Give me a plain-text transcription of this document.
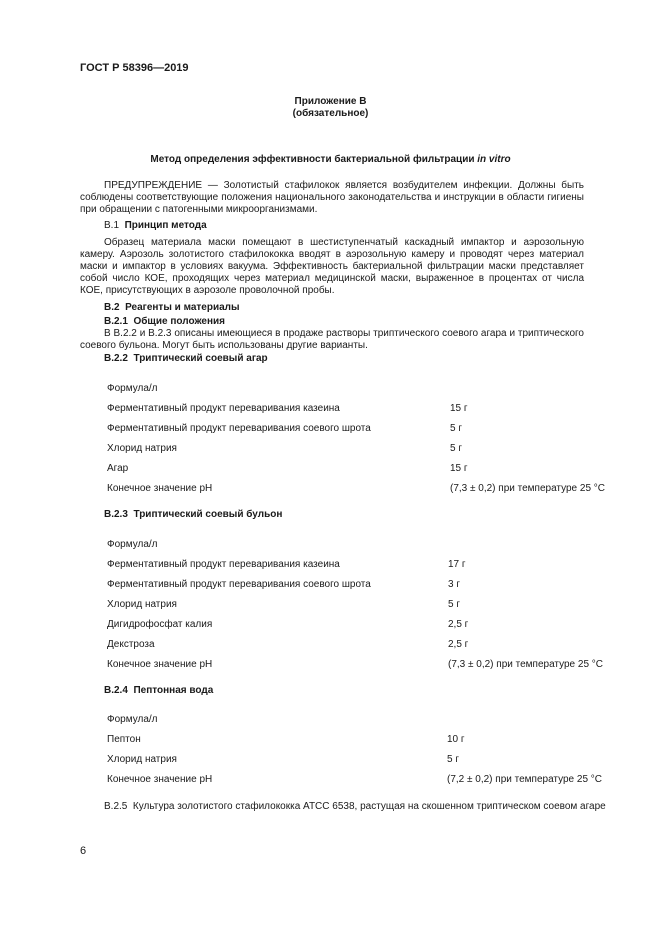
ГОСТ Р 58396—2019
Приложение В
(обязательное)
Метод определения эффективности бактериальной фильтрации in vitro
ПРЕДУПРЕЖДЕНИЕ — Золотистый стафилокок является возбудителем инфекции. Должны быть соблюдены соответствующие положения национального законодательства и инструкции в области гигиены при обращении с патогенными микроорганизмами.
В.1 Принцип метода
Образец материала маски помещают в шестиступенчатый каскадный импактор и аэрозольную камеру. Аэрозоль золотистого стафилококка вводят в аэрозольную камеру и проводят через материал маски и импактор в условиях вакуума. Эффективность бактериальной фильтрации маски представляет собой число КОЕ, проходящих через материал медицинской маски, выраженное в процентах от числа КОЕ, присутствующих в аэрозоле проволочной пробы.
В.2 Реагенты и материалы
В.2.1 Общие положения
В В.2.2 и В.2.3 описаны имеющиеся в продаже растворы триптического соевого агара и триптического соевого бульона. Могут быть использованы другие варианты.
В.2.2 Триптический соевый агар
Формула/л
Ферментативный продукт переваривания казеина	15 г
Ферментативный продукт переваривания соевого шрота	5 г
Хлорид натрия	5 г
Агар	15 г
Конечное значение рН	(7,3 ± 0,2) при температуре 25 °С
В.2.3 Триптический соевый бульон
Формула/л
Ферментативный продукт переваривания казеина	17 г
Ферментативный продукт переваривания соевого шрота	3 г
Хлорид натрия	5 г
Дигидрофосфат калия	2,5 г
Декстроза	2,5 г
Конечное значение рН	(7,3 ± 0,2) при температуре 25 °С
В.2.4 Пептонная вода
Формула/л
Пептон	10 г
Хлорид натрия	5 г
Конечное значение рН	(7,2 ± 0,2) при температуре 25 °С
В.2.5 Культура золотистого стафилококка АТСС 6538, растущая на скошенном триптическом соевом агаре
6
